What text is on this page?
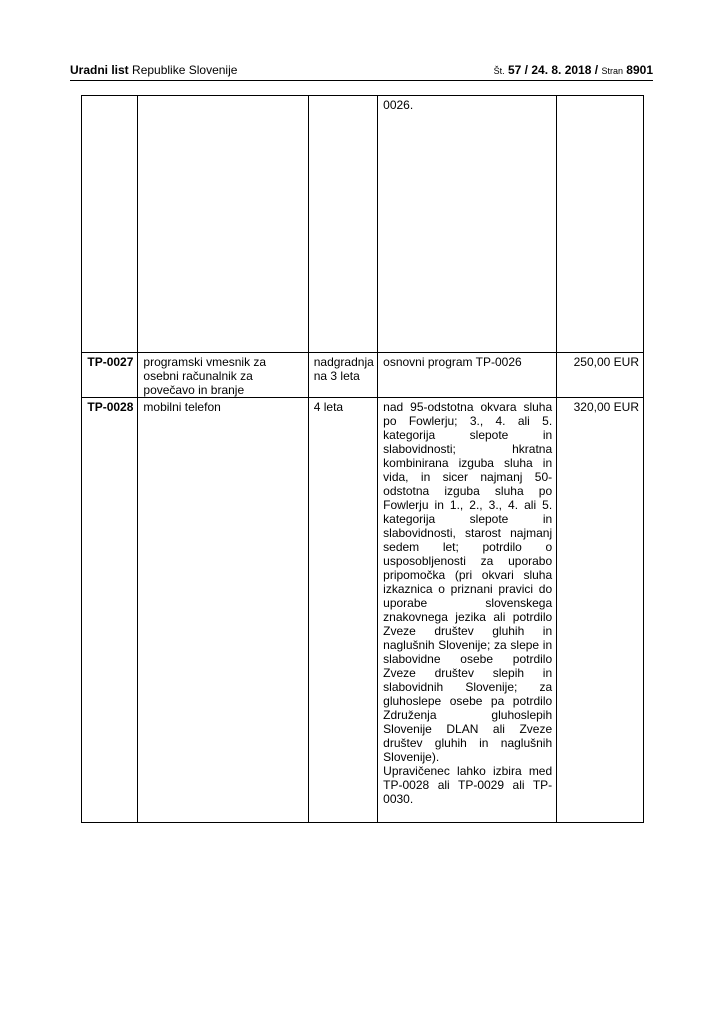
Uradni list Republike Slovenije	Št. 57 / 24. 8. 2018 / Stran 8901
			0026.	
TP-0027	programski vmesnik za osebni računalnik za povečavo in branje	nadgradnja na 3 leta	osnovni program TP-0026	250,00 EUR
TP-0028	mobilni telefon	4 leta	nad 95-odstotna okvara sluha po Fowlerju; 3., 4. ali 5. kategorija slepote in slabovidnosti; hkratna kombinirana izguba sluha in vida, in sicer najmanj 50-odstotna izguba sluha po Fowlerju in 1., 2., 3., 4. ali 5. kategorija slepote in slabovidnosti, starost najmanj sedem let; potrdilo o usposobljenosti za uporabo pripomočka (pri okvari sluha izkaznica o priznani pravici do uporabe slovenskega znakovnega jezika ali potrdilo Zveze društev gluhih in naglušnih Slovenije; za slepe in slabovidne osebe potrdilo Zveze društev slepih in slabovidnih Slovenije; za gluhoslepe osebe pa potrdilo Združenja gluhoslepih Slovenije DLAN ali Zveze društev gluhih in naglušnih Slovenije).
Upravičenec lahko izbira med TP-0028 ali TP-0029 ali TP-0030.	320,00 EUR
